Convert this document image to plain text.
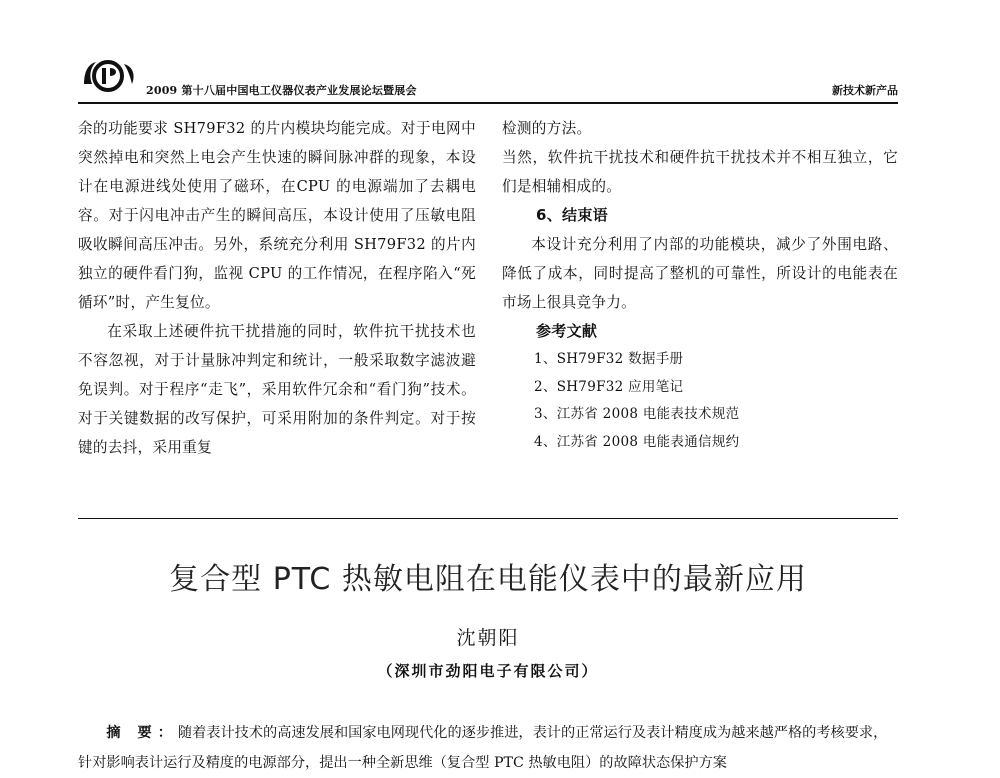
2009 第十八届中国电工仪器仪表产业发展论坛暨展会	新技术新产品

余的功能要求 SH79F32 的片内模块均能完成。对于电网中突然掉电和突然上电会产生快速的瞬间脉冲群的现象，本设计在电源进线处使用了磁环，在CPU 的电源端加了去耦电容。对于闪电冲击产生的瞬间高压，本设计使用了压敏电阻吸收瞬间高压冲击。另外，系统充分利用 SH79F32 的片内独立的硬件看门狗，监视 CPU 的工作情况，在程序陷入“死循环”时，产生复位。

在采取上述硬件抗干扰措施的同时，软件抗干扰技术也不容忽视，对于计量脉冲判定和统计，一般采取数字滤波避免误判。对于程序“走飞”，采用软件冗余和“看门狗”技术。对于关键数据的改写保护，可采用附加的条件判定。对于按键的去抖，采用重复

检测的方法。

当然，软件抗干扰技术和硬件抗干扰技术并不相互独立，它们是相辅相成的。

6、结束语

本设计充分利用了内部的功能模块，减少了外围电路、降低了成本，同时提高了整机的可靠性，所设计的电能表在市场上很具竞争力。

参考文献
1、SH79F32 数据手册
2、SH79F32 应用笔记
3、江苏省 2008 电能表技术规范
4、江苏省 2008 电能表通信规约
复合型 PTC 热敏电阻在电能仪表中的最新应用
沈朝阳
（深圳市劲阳电子有限公司）

摘 要：随着表计技术的高速发展和国家电网现代化的逐步推进，表计的正常运行及表计精度成为越来越严格的考核要求，针对影响表计运行及精度的电源部分，提出一种全新思维（复合型 PTC 热敏电阻）的故障状态保护方案
